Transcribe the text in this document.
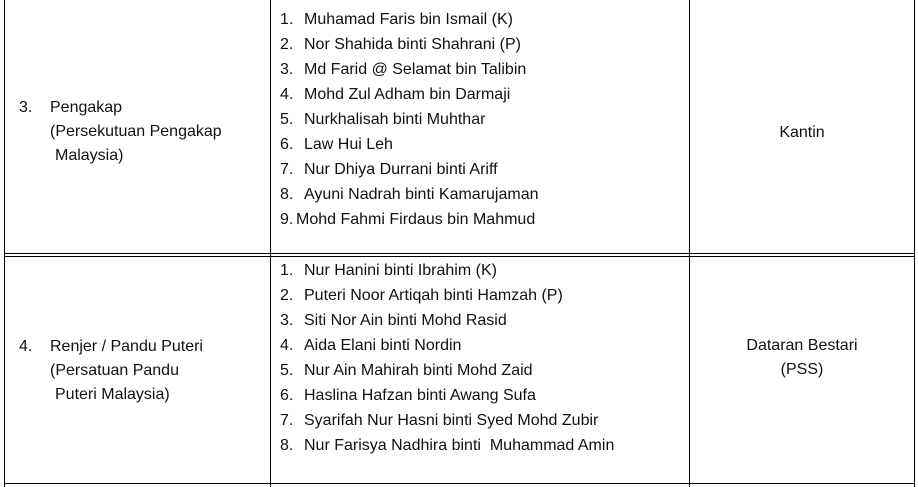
3. Pengakap
(Persekutuan Pengakap
Malaysia)
1. Muhamad Faris bin Ismail (K)
2. Nor Shahida binti Shahrani (P)
3. Md Farid @ Selamat bin Talibin
4. Mohd Zul Adham bin Darmaji
5. Nurkhalisah binti Muhthar
6. Law Hui Leh
7. Nur Dhiya Durrani binti Ariff
8. Ayuni Nadrah binti Kamarujaman
9. Mohd Fahmi Firdaus bin Mahmud
Kantin
4. Renjer / Pandu Puteri
(Persatuan Pandu
Puteri Malaysia)
1. Nur Hanini binti Ibrahim (K)
2. Puteri Noor Artiqah binti Hamzah (P)
3. Siti Nor Ain binti Mohd Rasid
4. Aida Elani binti Nordin
5. Nur Ain Mahirah binti Mohd Zaid
6. Haslina Hafzan binti Awang Sufa
7. Syarifah Nur Hasni binti Syed Mohd Zubir
8. Nur Farisya Nadhira binti  Muhammad Amin
Dataran Bestari
(PSS)
